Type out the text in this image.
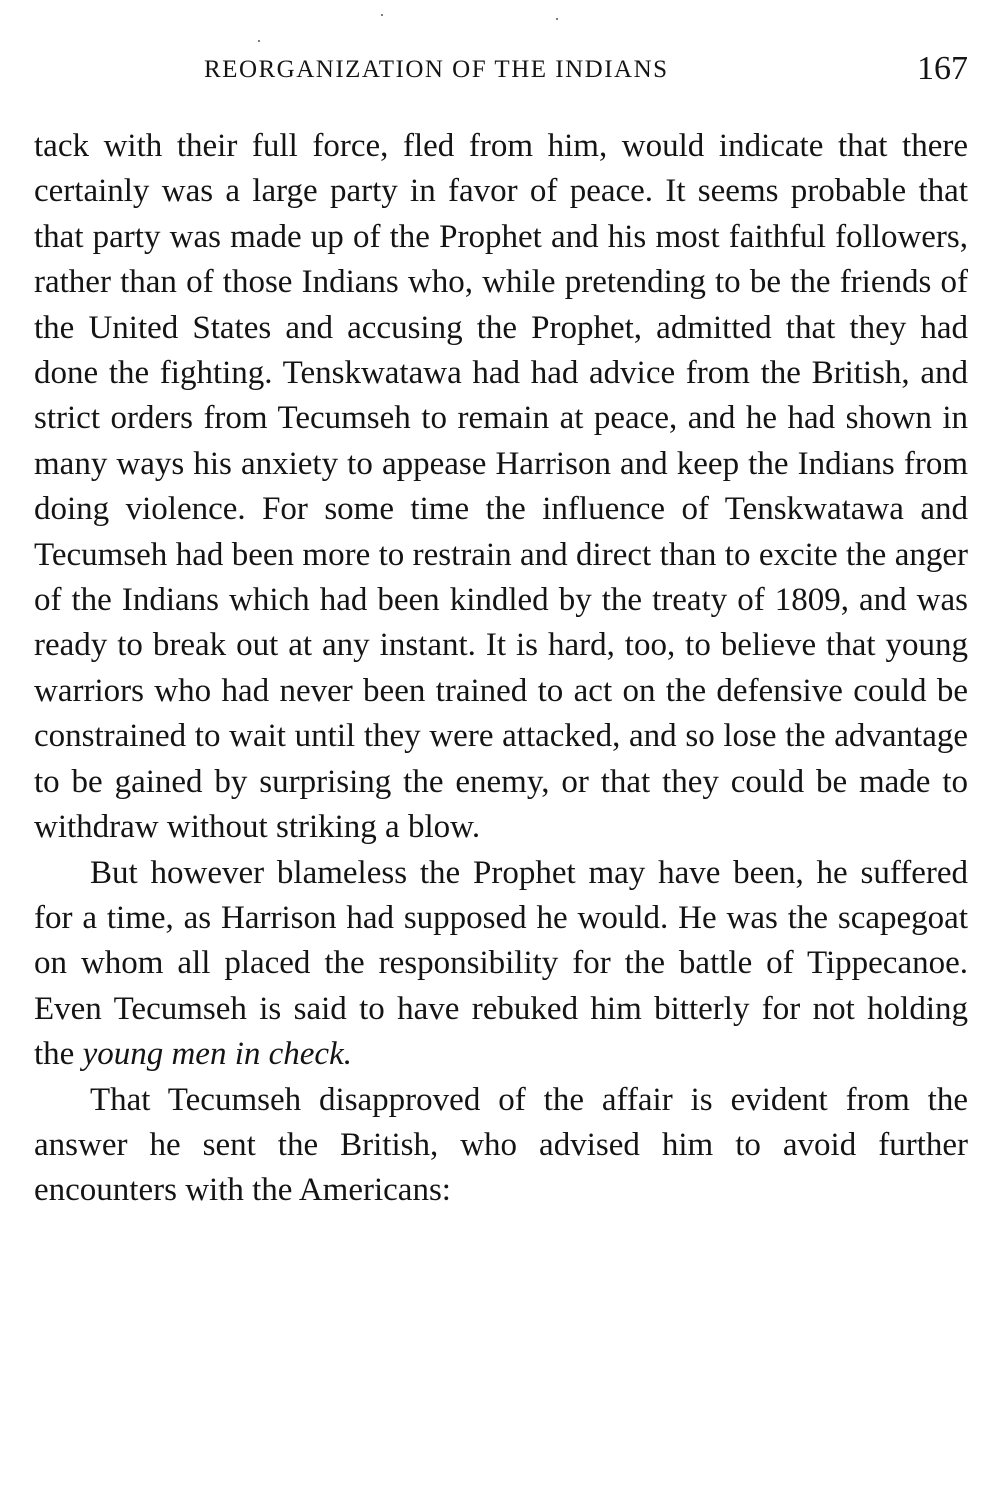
REORGANIZATION OF THE INDIANS	167

tack with their full force, fled from him, would indicate that there certainly was a large party in favor of peace. It seems probable that that party was made up of the Prophet and his most faithful followers, rather than of those Indians who, while pretending to be the friends of the United States and accusing the Prophet, admitted that they had done the fighting. Tenskwatawa had had advice from the British, and strict orders from Tecumseh to remain at peace, and he had shown in many ways his anxiety to appease Harrison and keep the Indians from doing violence. For some time the influence of Tenskwatawa and Tecumseh had been more to restrain and direct than to excite the anger of the Indians which had been kindled by the treaty of 1809, and was ready to break out at any instant. It is hard, too, to believe that young warriors who had never been trained to act on the defensive could be constrained to wait until they were attacked, and so lose the advantage to be gained by surprising the enemy, or that they could be made to withdraw without striking a blow.

But however blameless the Prophet may have been, he suffered for a time, as Harrison had supposed he would. He was the scapegoat on whom all placed the responsibility for the battle of Tippecanoe. Even Tecumseh is said to have rebuked him bitterly for not holding the young men in check.

That Tecumseh disapproved of the affair is evident from the answer he sent the British, who advised him to avoid further encounters with the Americans:
